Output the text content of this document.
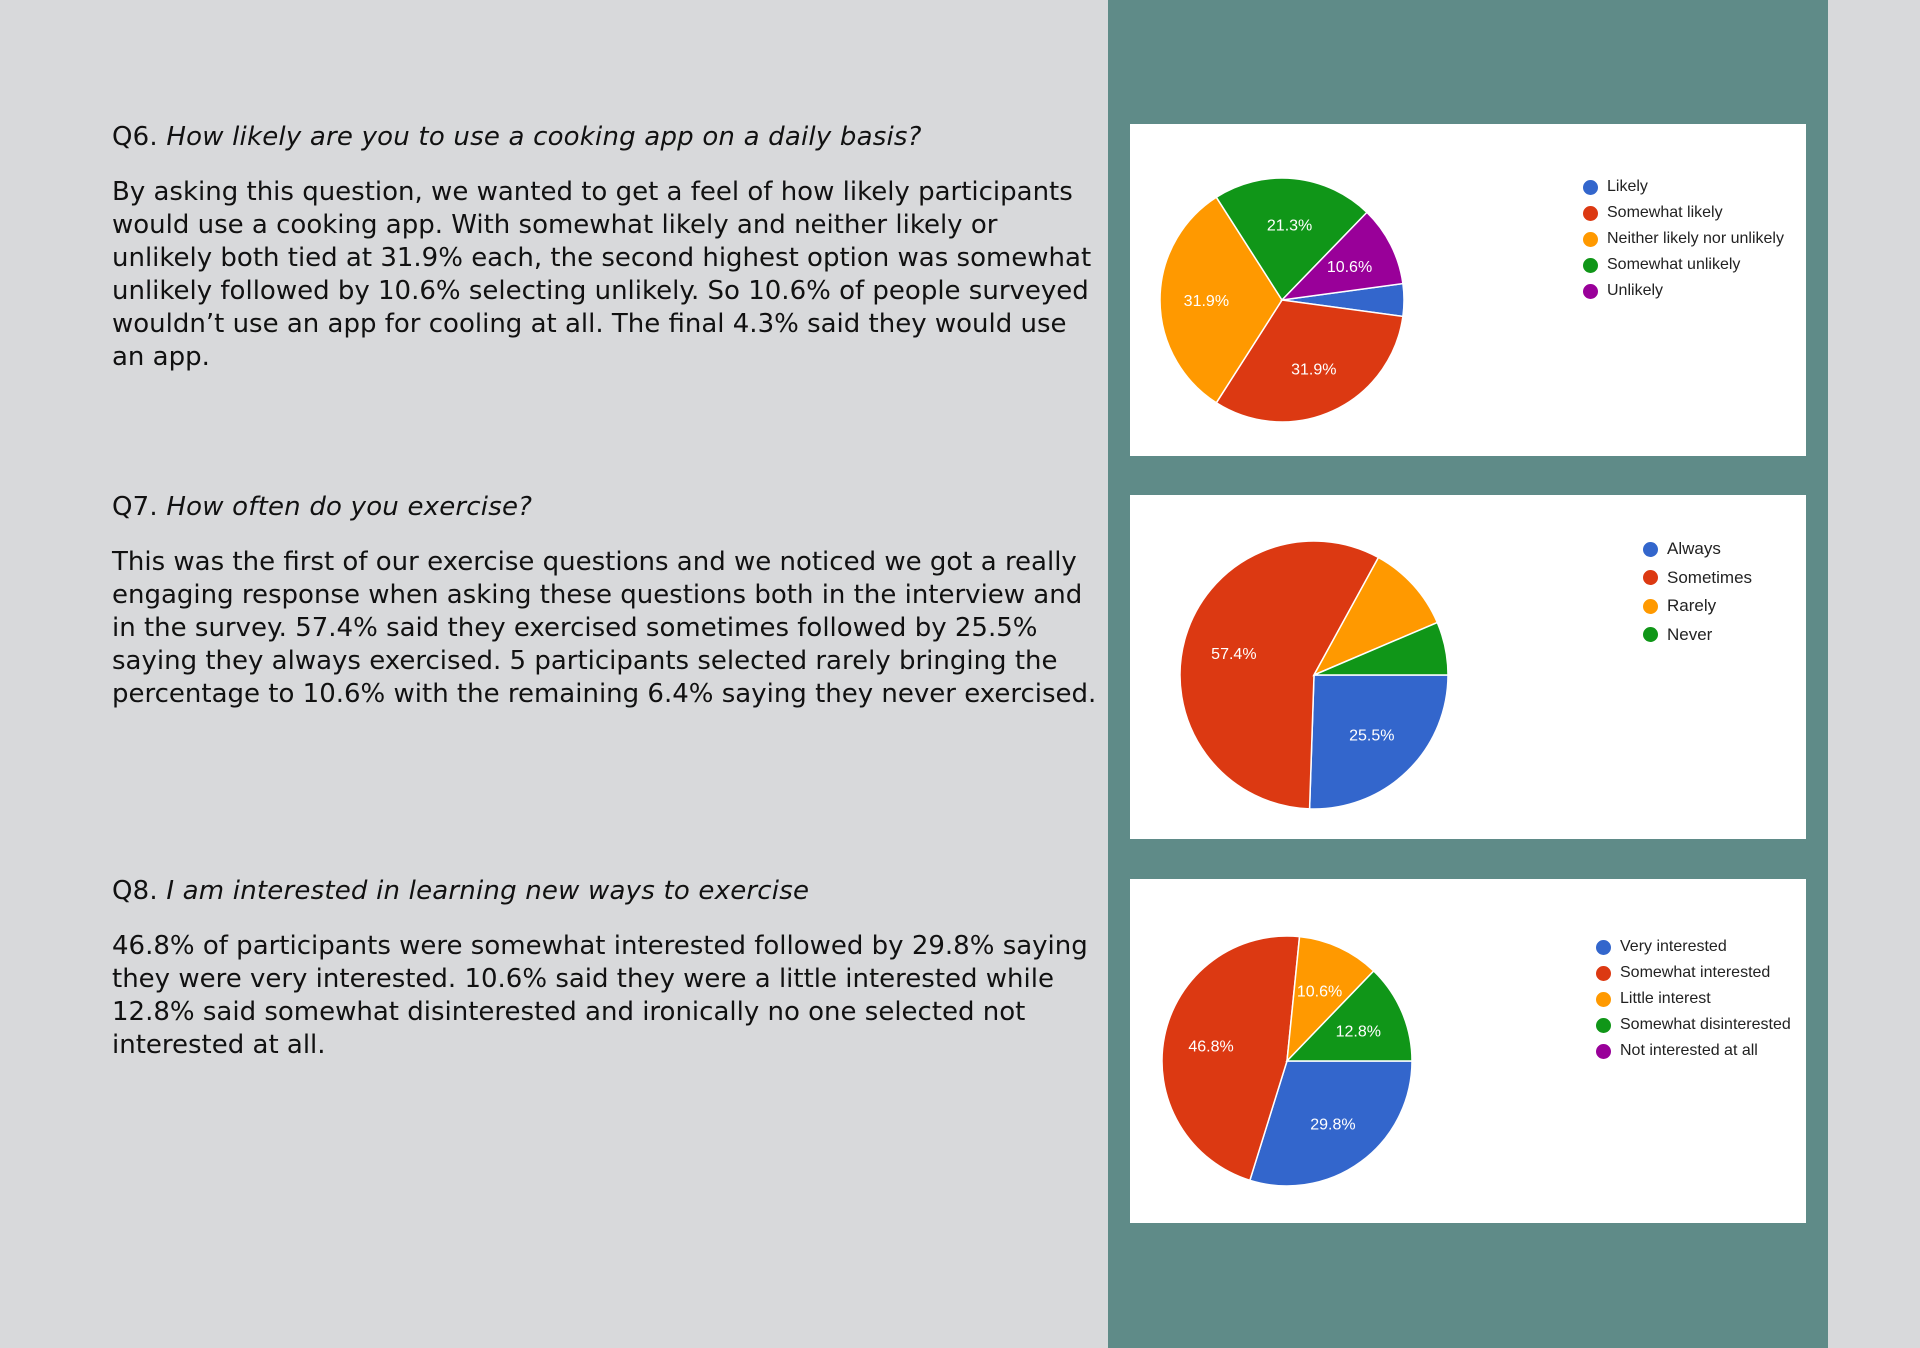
Q6. How likely are you to use a cooking app on a daily basis?

By asking this question, we wanted to get a feel of how likely participants would use a cooking app. With somewhat likely and neither likely or unlikely both tied at 31.9% each, the second highest option was somewhat unlikely followed by 10.6% selecting unlikely. So 10.6% of people surveyed wouldn’t use an app for cooling at all. The final 4.3% said they would use an app.

Q7. How often do you exercise?

This was the first of our exercise questions and we noticed we got a really engaging response when asking these questions both in the interview and in the survey. 57.4% said they exercised sometimes followed by 25.5% saying they always exercised. 5 participants selected rarely bringing the percentage to 10.6% with the remaining 6.4% saying they never exercised.

Q8. I am interested in learning new ways to exercise

46.8% of participants were somewhat interested followed by 29.8% saying they were very interested. 10.6% said they were a little interested while 12.8% said somewhat disinterested and ironically no one selected not interested at all.

31.9%
31.9%
21.3%
10.6%
Likely
Somewhat likely
Neither likely nor unlikely
Somewhat unlikely
Unlikely
25.5%
57.4%
Always
Sometimes
Rarely
Never
29.8%
46.8%
10.6%
12.8%
Very interested
Somewhat interested
Little interest
Somewhat disinterested
Not interested at all
